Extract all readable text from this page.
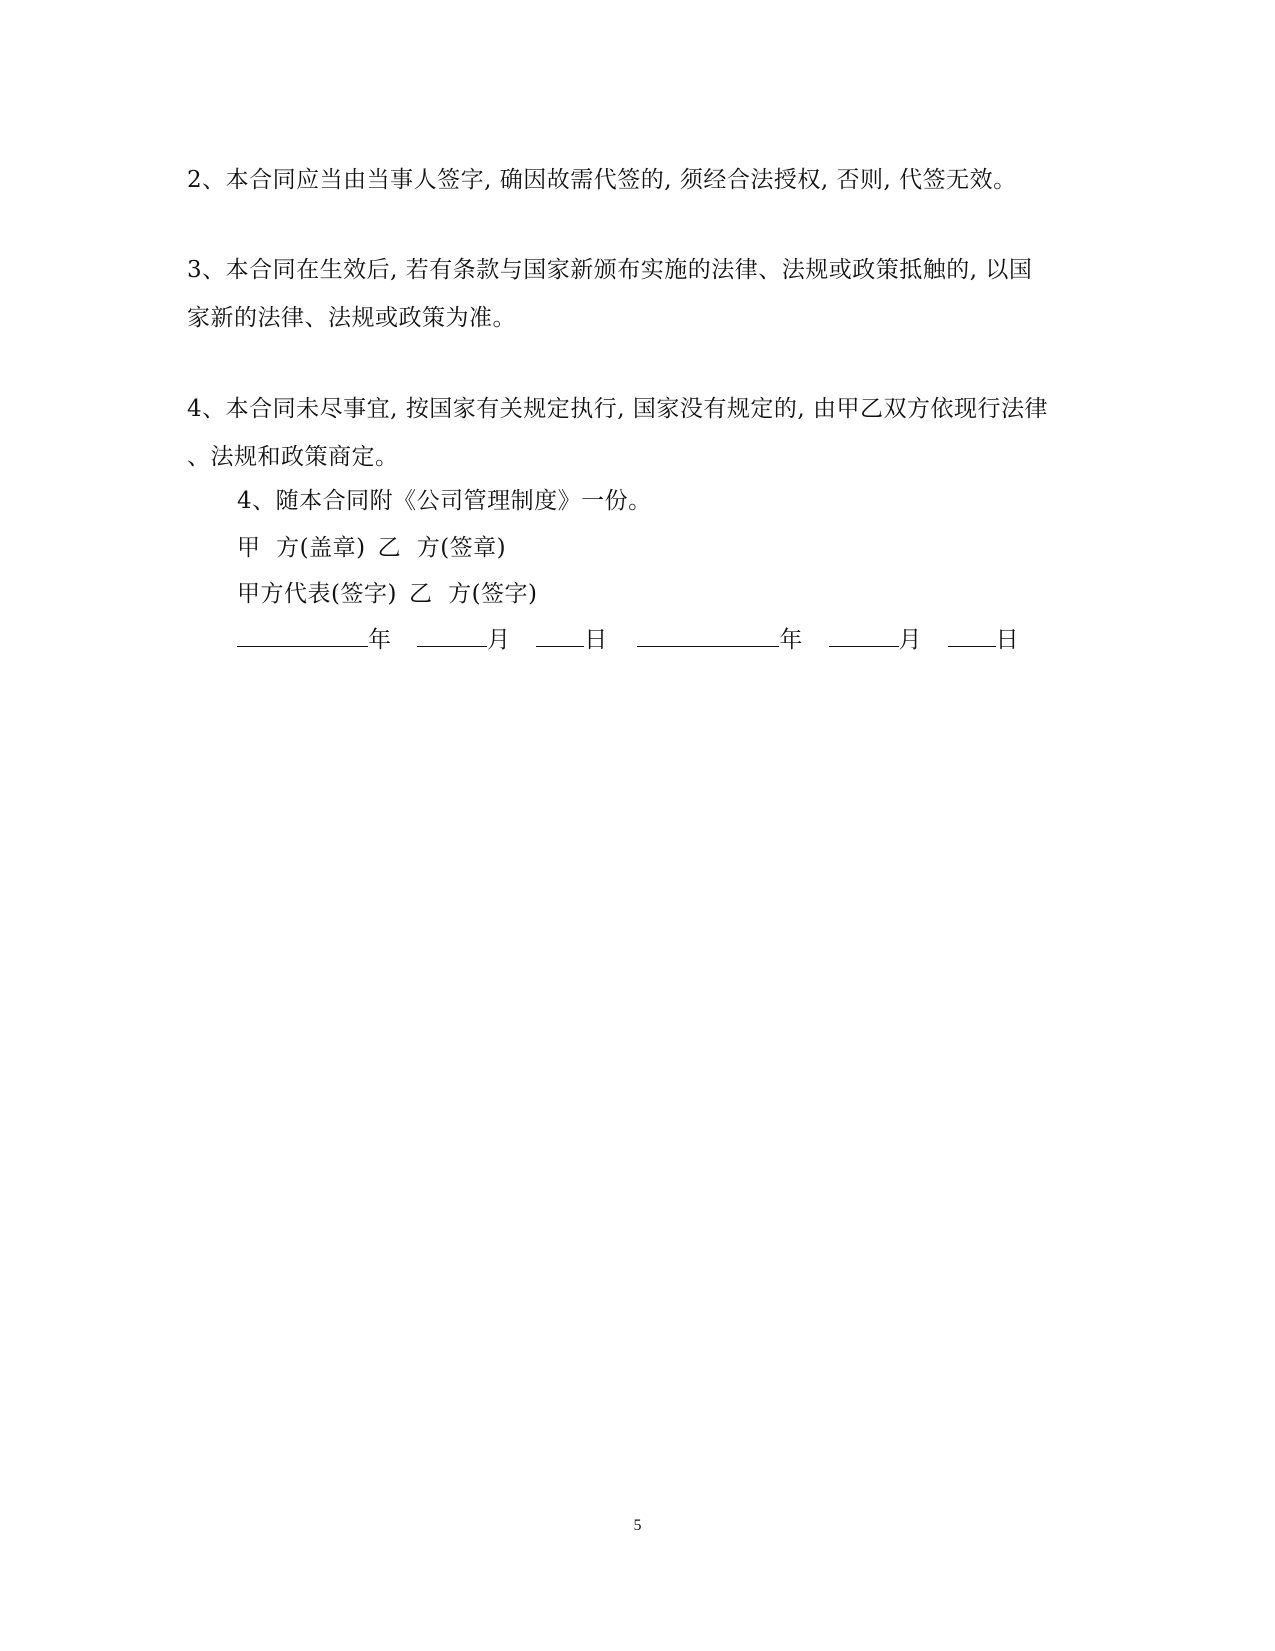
2、本合同应当由当事人签字, 确因故需代签的, 须经合法授权, 否则, 代签无效。

3、本合同在生效后, 若有条款与国家新颁布实施的法律、法规或政策抵触的, 以国
家新的法律、法规或政策为准。

4、本合同未尽事宜, 按国家有关规定执行, 国家没有规定的, 由甲乙双方依现行法律
、法规和政策商定。

4、随本合同附《公司管理制度》一份。

甲  方(盖章) 乙  方(签章)

甲方代表(签字) 乙  方(签字)

年	月	日	年	月	日

5
